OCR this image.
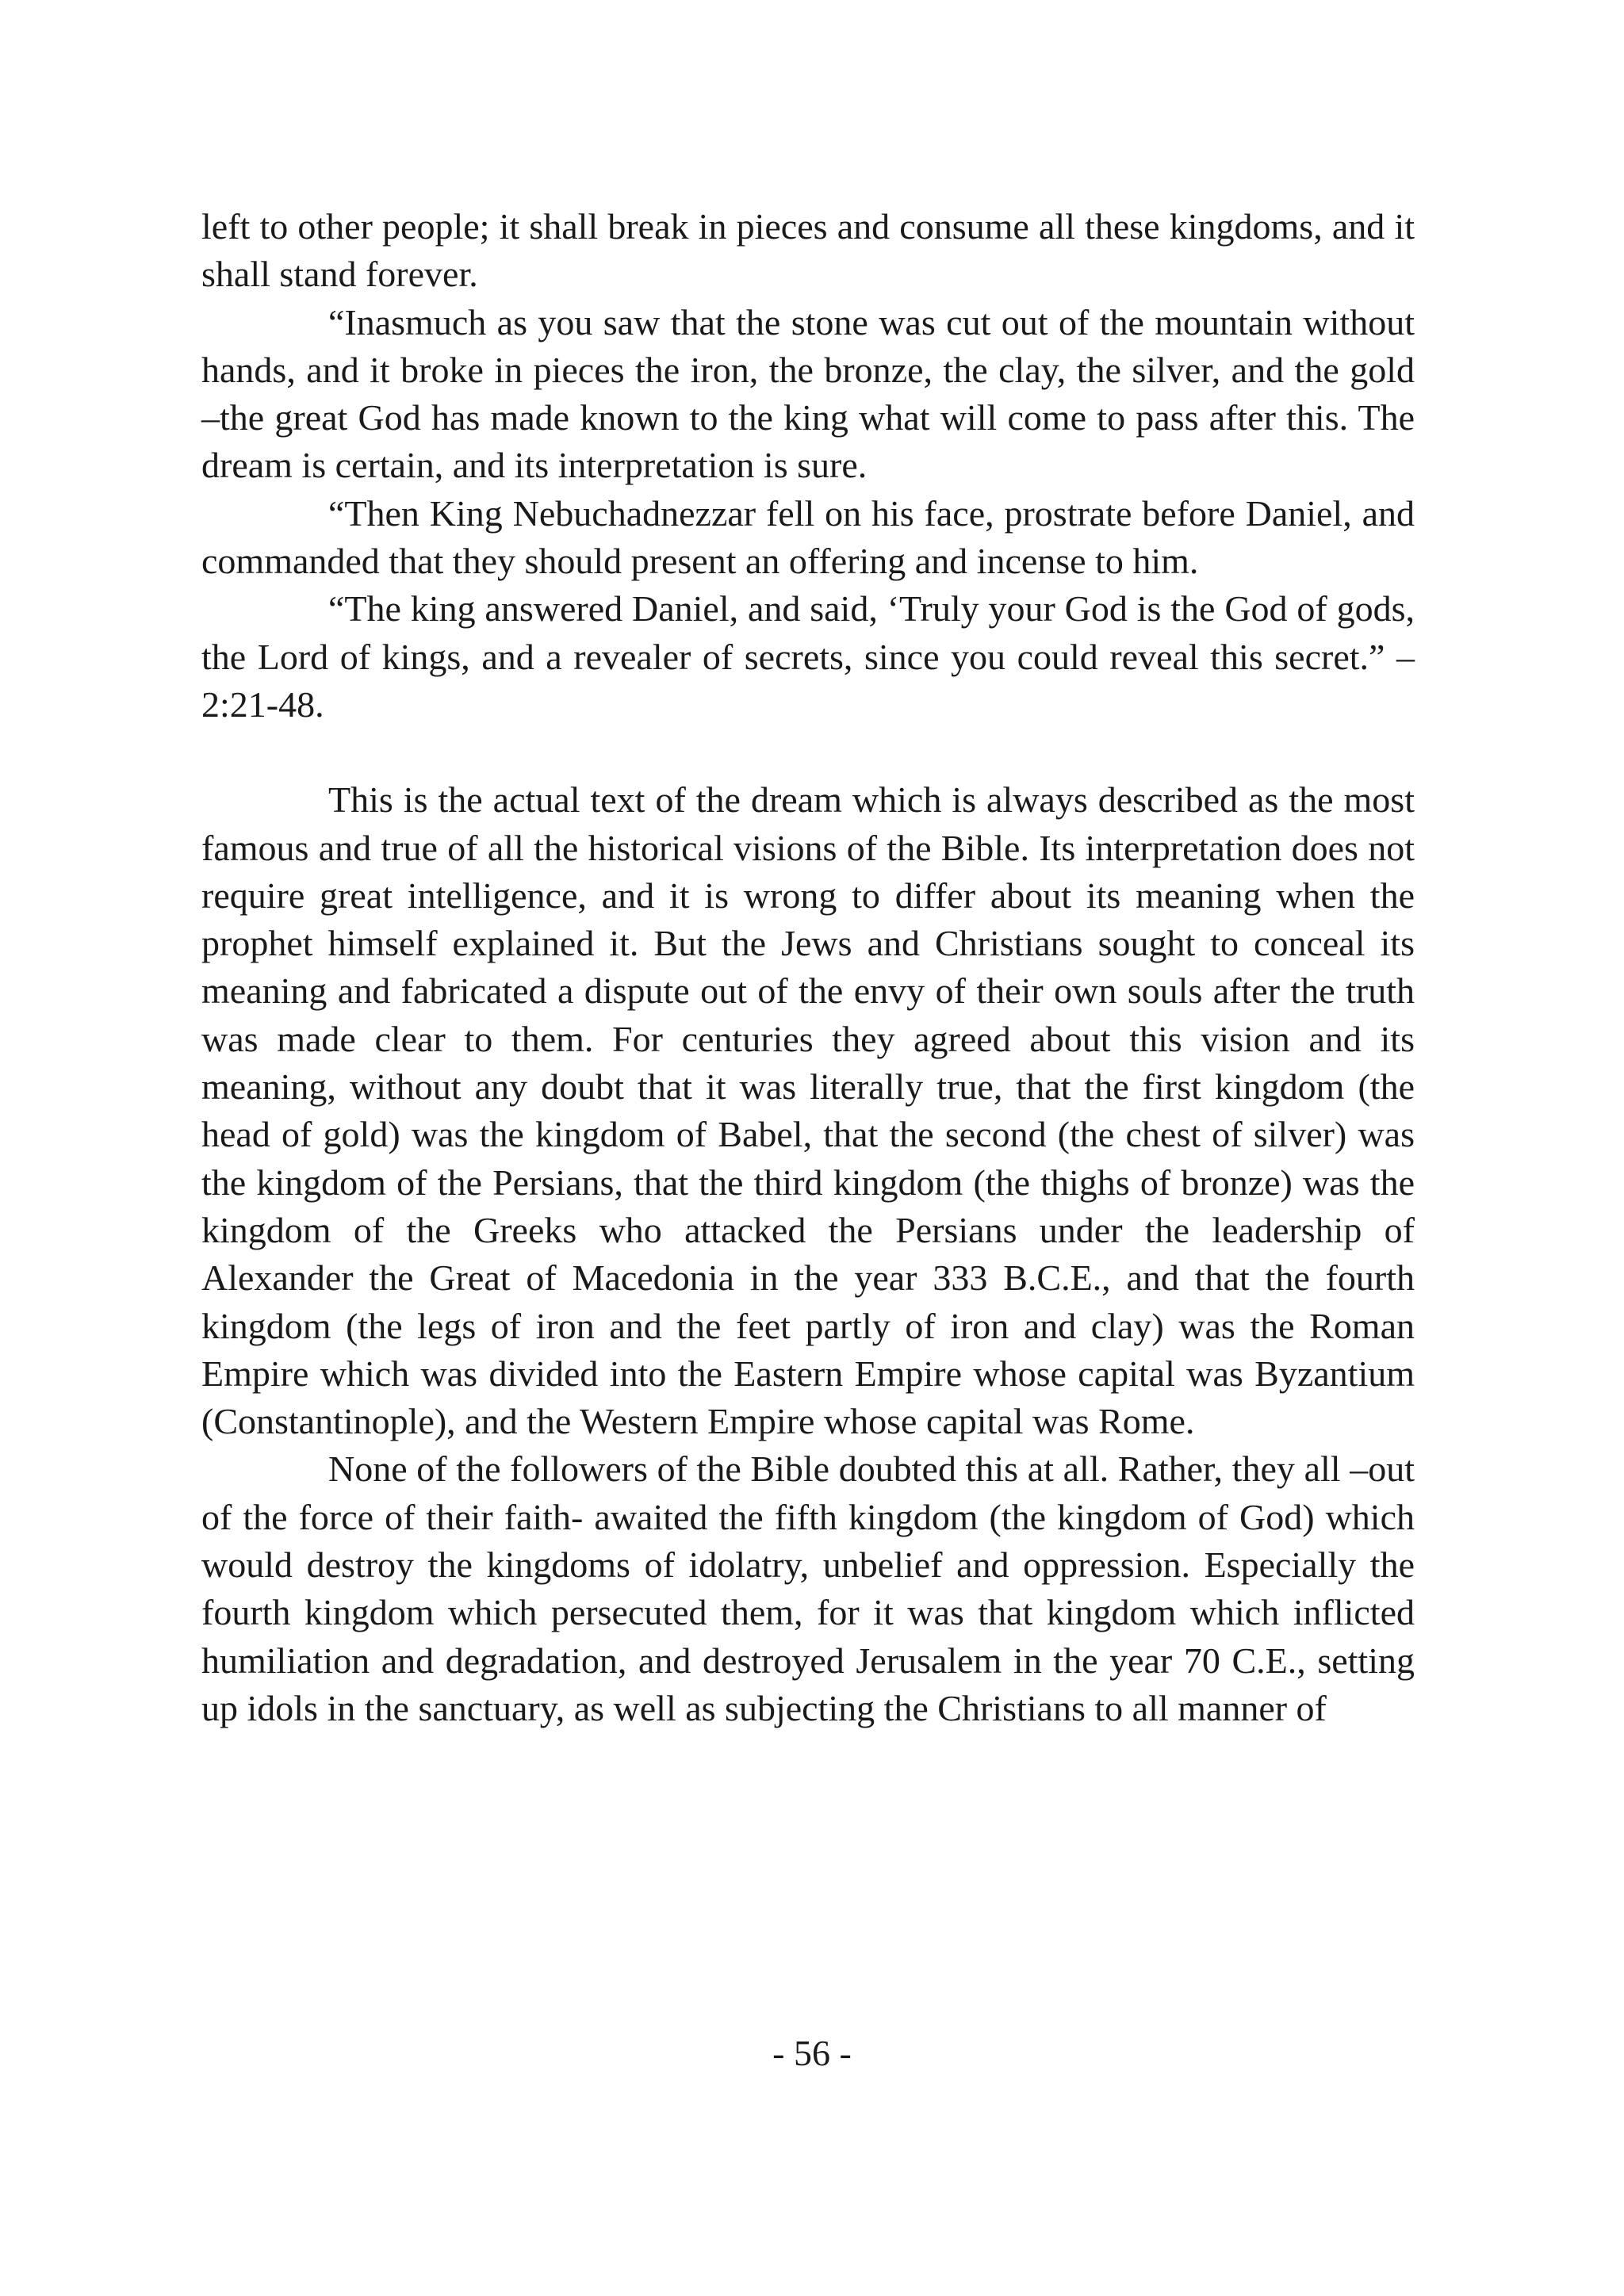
left to other people; it shall break in pieces and consume all these kingdoms, and it shall stand forever.

“Inasmuch as you saw that the stone was cut out of the mountain without hands, and it broke in pieces the iron, the bronze, the clay, the silver, and the gold –the great God has made known to the king what will come to pass after this. The dream is certain, and its interpretation is sure.

“Then King Nebuchadnezzar fell on his face, prostrate before Daniel, and commanded that they should present an offering and incense to him.

“The king answered Daniel, and said, ‘Truly your God is the God of gods, the Lord of kings, and a revealer of secrets, since you could reveal this secret.” –2:21-48.

This is the actual text of the dream which is always described as the most famous and true of all the historical visions of the Bible. Its interpretation does not require great intelligence, and it is wrong to differ about its meaning when the prophet himself explained it. But the Jews and Christians sought to conceal its meaning and fabricated a dispute out of the envy of their own souls after the truth was made clear to them. For centuries they agreed about this vision and its meaning, without any doubt that it was literally true, that the first kingdom (the head of gold) was the kingdom of Babel, that the second (the chest of silver) was the kingdom of the Persians, that the third kingdom (the thighs of bronze) was the kingdom of the Greeks who attacked the Persians under the leadership of Alexander the Great of Macedonia in the year 333 B.C.E., and that the fourth kingdom (the legs of iron and the feet partly of iron and clay) was the Roman Empire which was divided into the Eastern Empire whose capital was Byzantium (Constantinople), and the Western Empire whose capital was Rome.

None of the followers of the Bible doubted this at all. Rather, they all –out of the force of their faith- awaited the fifth kingdom (the kingdom of God) which would destroy the kingdoms of idolatry, unbelief and oppression. Especially the fourth kingdom which persecuted them, for it was that kingdom which inflicted humiliation and degradation, and destroyed Jerusalem in the year 70 C.E., setting up idols in the sanctuary, as well as subjecting the Christians to all manner of

- 56 -
